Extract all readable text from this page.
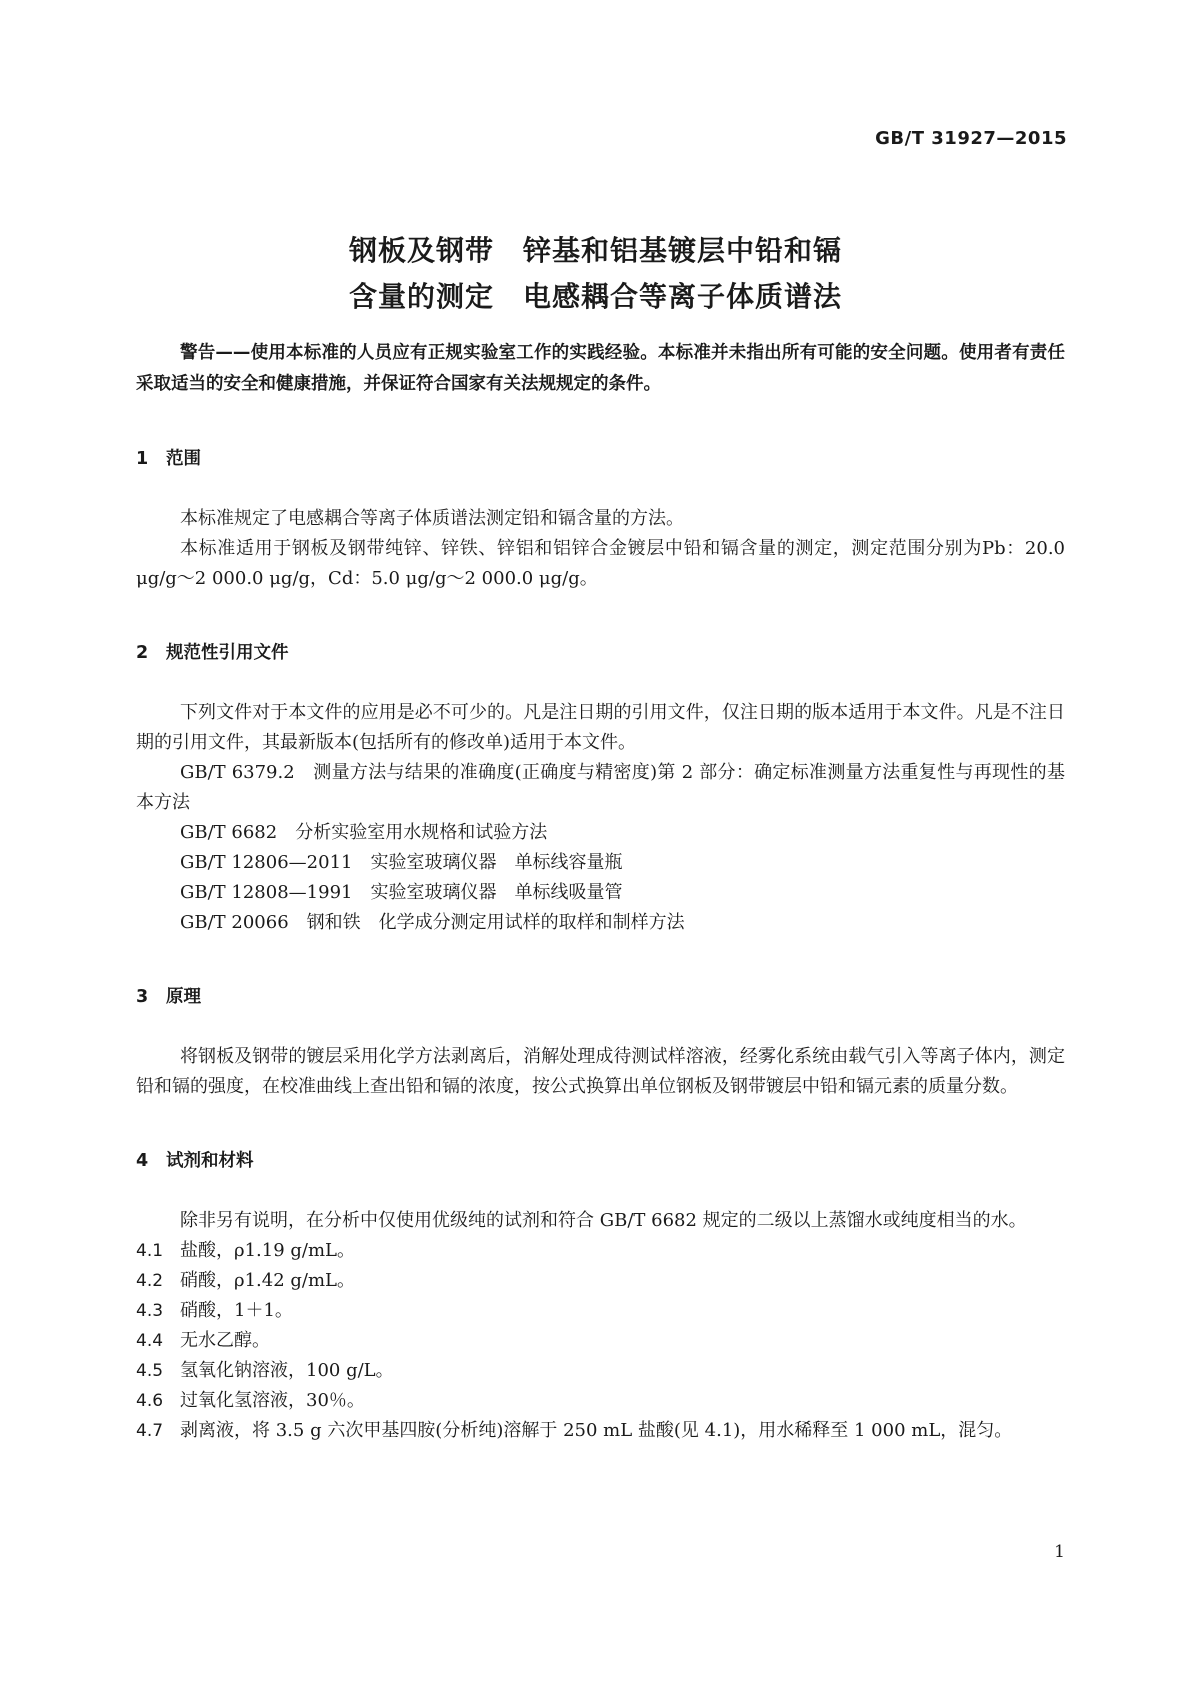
GB/T 31927—2015
钢板及钢带　锌基和铝基镀层中铅和镉
含量的测定　电感耦合等离子体质谱法

警告——使用本标准的人员应有正规实验室工作的实践经验。本标准并未指出所有可能的安全问题。使用者有责任采取适当的安全和健康措施，并保证符合国家有关法规规定的条件。

1 范围

本标准规定了电感耦合等离子体质谱法测定铅和镉含量的方法。

本标准适用于钢板及钢带纯锌、锌铁、锌铝和铝锌合金镀层中铅和镉含量的测定，测定范围分别为Pb：20.0 μg/g～2 000.0 μg/g，Cd：5.0 μg/g～2 000.0 μg/g。

2 规范性引用文件

下列文件对于本文件的应用是必不可少的。凡是注日期的引用文件，仅注日期的版本适用于本文件。凡是不注日期的引用文件，其最新版本(包括所有的修改单)适用于本文件。

GB/T 6379.2　测量方法与结果的准确度(正确度与精密度)第 2 部分：确定标准测量方法重复性与再现性的基本方法

GB/T 6682　分析实验室用水规格和试验方法

GB/T 12806—2011　实验室玻璃仪器　单标线容量瓶

GB/T 12808—1991　实验室玻璃仪器　单标线吸量管

GB/T 20066　钢和铁　化学成分测定用试样的取样和制样方法

3 原理

将钢板及钢带的镀层采用化学方法剥离后，消解处理成待测试样溶液，经雾化系统由载气引入等离子体内，测定铅和镉的强度，在校准曲线上查出铅和镉的浓度，按公式换算出单位钢板及钢带镀层中铅和镉元素的质量分数。

4 试剂和材料

除非另有说明，在分析中仅使用优级纯的试剂和符合 GB/T 6682 规定的二级以上蒸馏水或纯度相当的水。

4.1 盐酸，ρ1.19 g/mL。

4.2 硝酸，ρ1.42 g/mL。

4.3 硝酸，1＋1。

4.4 无水乙醇。

4.5 氢氧化钠溶液，100 g/L。

4.6 过氧化氢溶液，30％。

4.7 剥离液，将 3.5 g 六次甲基四胺(分析纯)溶解于 250 mL 盐酸(见 4.1)，用水稀释至 1 000 mL，混匀。

1
